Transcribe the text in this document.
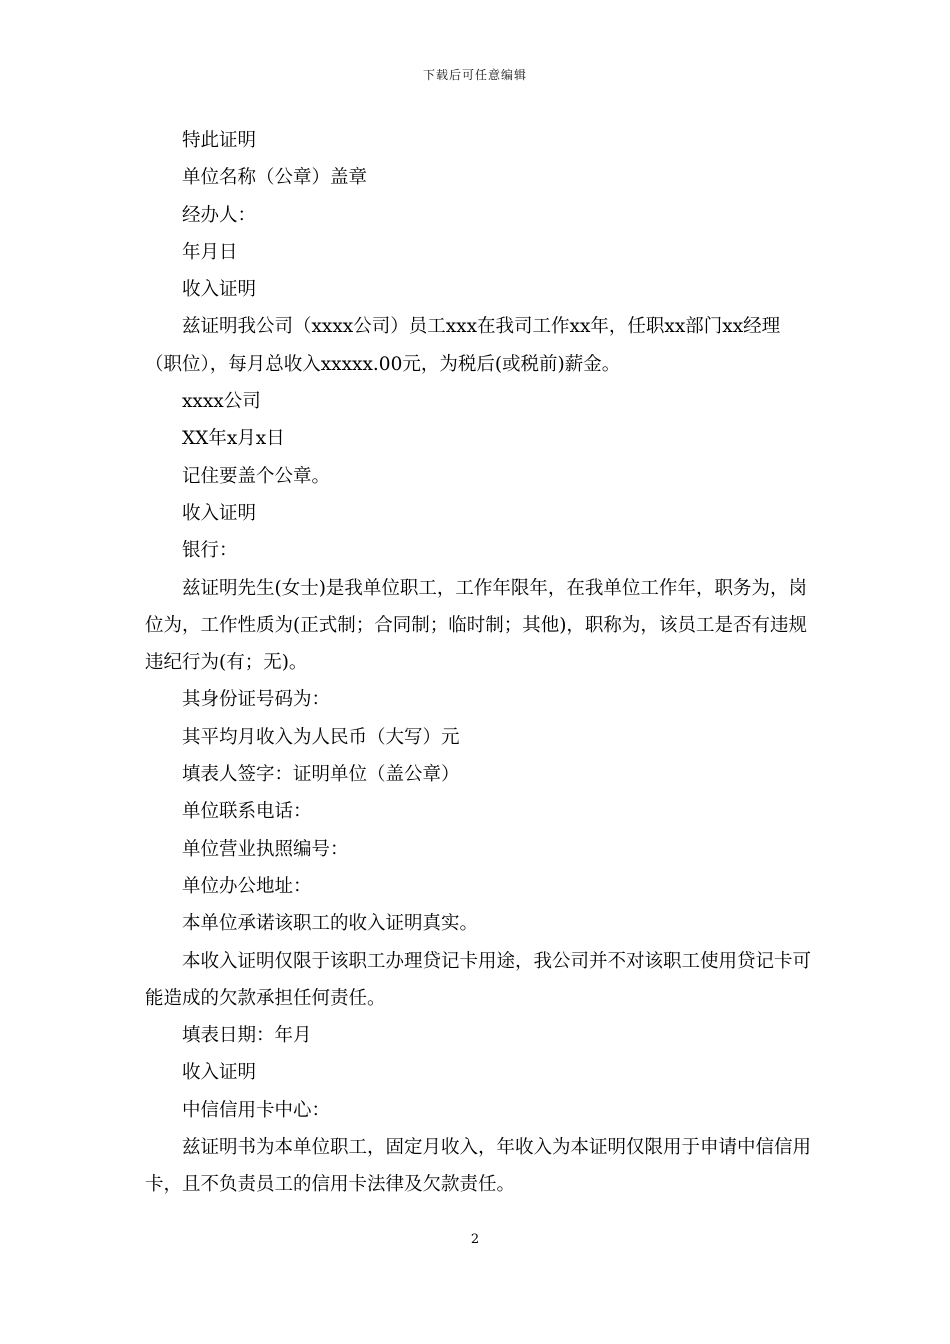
下载后可任意编辑

特此证明

单位名称（公章）盖章

经办人：

年月日

收入证明

兹证明我公司（xxxx公司）员工xxx在我司工作xx年，任职xx部门xx经理（职位），每月总收入xxxxx.00元，为税后(或税前)薪金。

xxxx公司

XX年x月x日

记住要盖个公章。

收入证明

银行：

兹证明先生(女士)是我单位职工，工作年限年，在我单位工作年，职务为，岗位为，工作性质为(正式制；合同制；临时制；其他)，职称为，该员工是否有违规违纪行为(有；无)。

其身份证号码为：

其平均月收入为人民币（大写）元

填表人签字：证明单位（盖公章）

单位联系电话：

单位营业执照编号：

单位办公地址：

本单位承诺该职工的收入证明真实。

本收入证明仅限于该职工办理贷记卡用途，我公司并不对该职工使用贷记卡可能造成的欠款承担任何责任。

填表日期：年月

收入证明

中信信用卡中心：

兹证明书为本单位职工，固定月收入，年收入为本证明仅限用于申请中信信用卡，且不负责员工的信用卡法律及欠款责任。

2
